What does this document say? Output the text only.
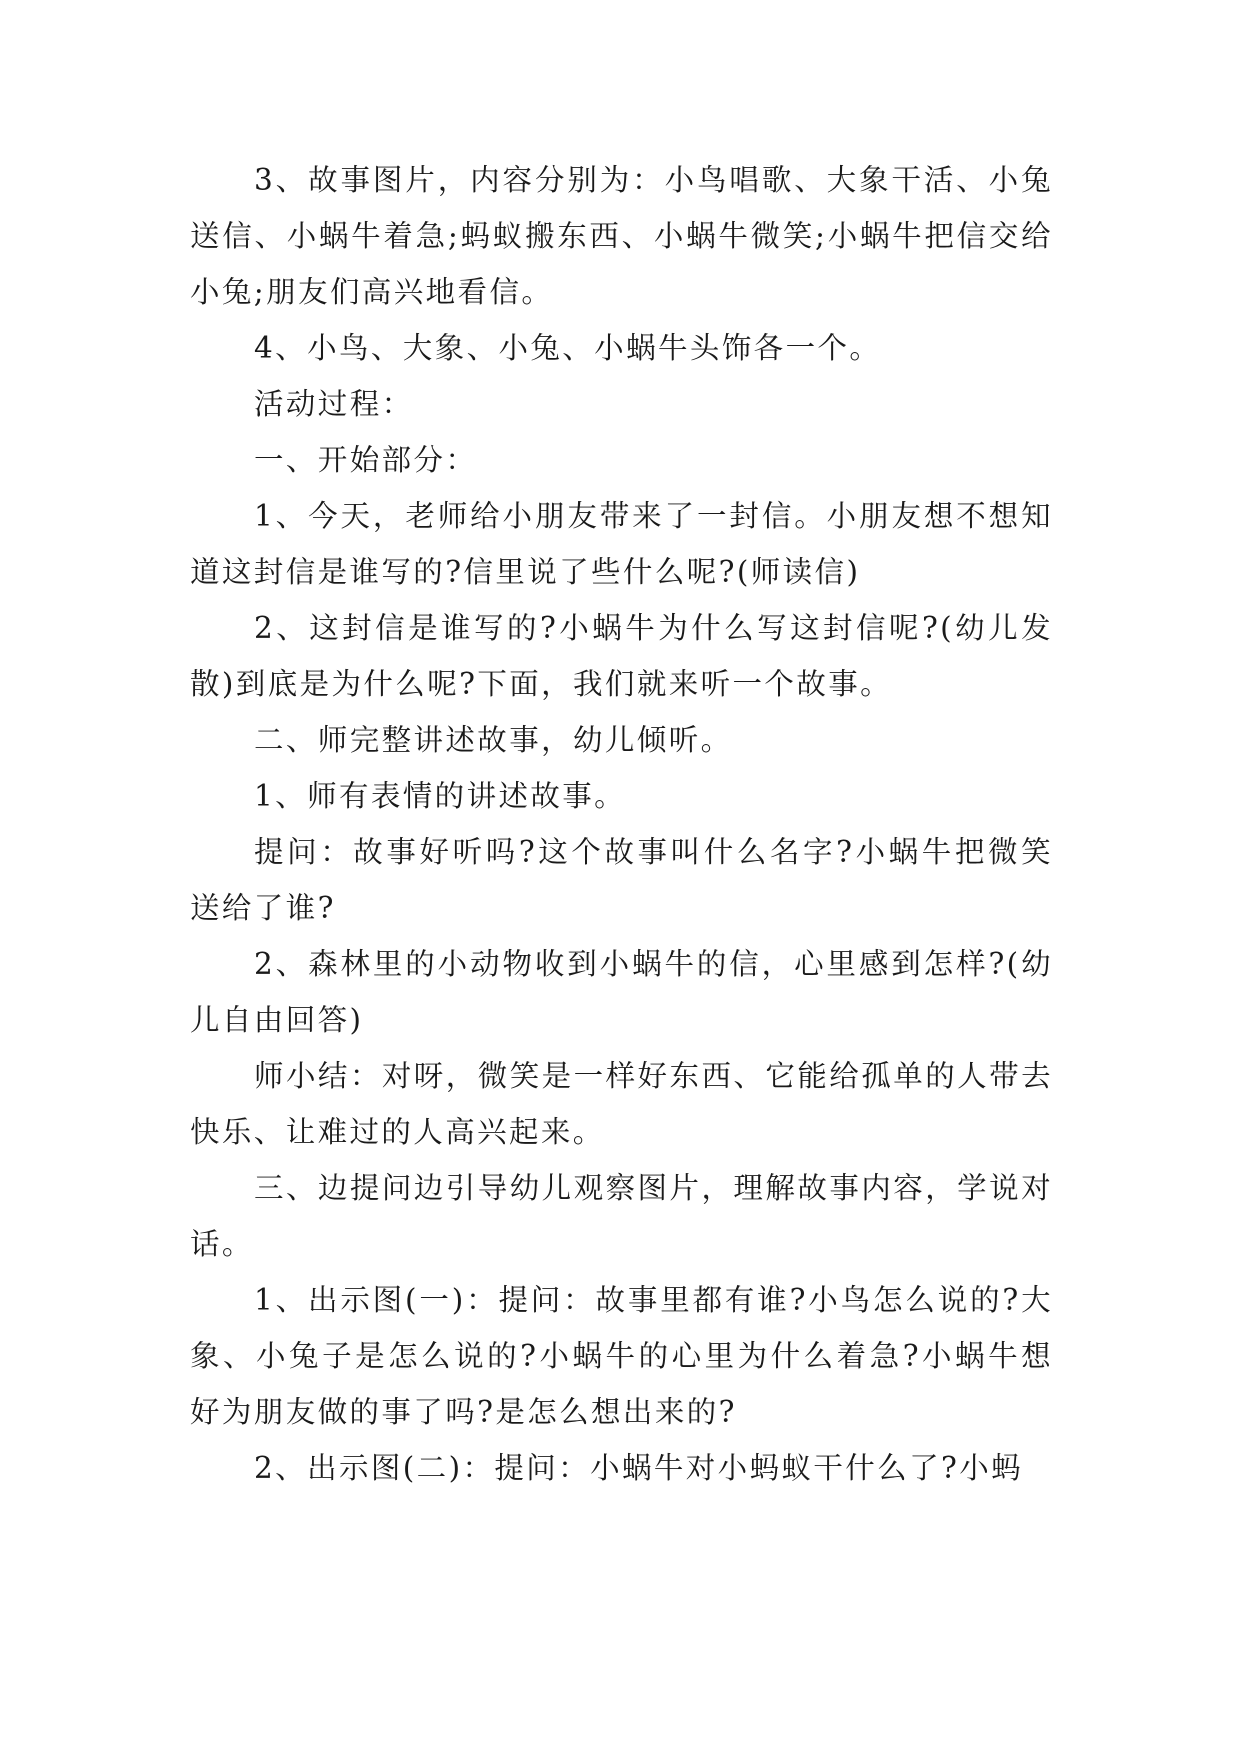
3、故事图片，内容分别为：小鸟唱歌、大象干活、小兔送信、小蜗牛着急;蚂蚁搬东西、小蜗牛微笑;小蜗牛把信交给小兔;朋友们高兴地看信。

4、小鸟、大象、小兔、小蜗牛头饰各一个。

活动过程：

一、开始部分：

1、今天，老师给小朋友带来了一封信。小朋友想不想知道这封信是谁写的?信里说了些什么呢?(师读信)

2、这封信是谁写的?小蜗牛为什么写这封信呢?(幼儿发散)到底是为什么呢?下面，我们就来听一个故事。

二、师完整讲述故事，幼儿倾听。

1、师有表情的讲述故事。

提问：故事好听吗?这个故事叫什么名字?小蜗牛把微笑送给了谁?

2、森林里的小动物收到小蜗牛的信，心里感到怎样?(幼儿自由回答)

师小结：对呀，微笑是一样好东西、它能给孤单的人带去快乐、让难过的人高兴起来。

三、边提问边引导幼儿观察图片，理解故事内容，学说对话。

1、出示图(一)：提问：故事里都有谁?小鸟怎么说的?大象、小兔子是怎么说的?小蜗牛的心里为什么着急?小蜗牛想好为朋友做的事了吗?是怎么想出来的?

2、出示图(二)：提问：小蜗牛对小蚂蚁干什么了?小蚂
